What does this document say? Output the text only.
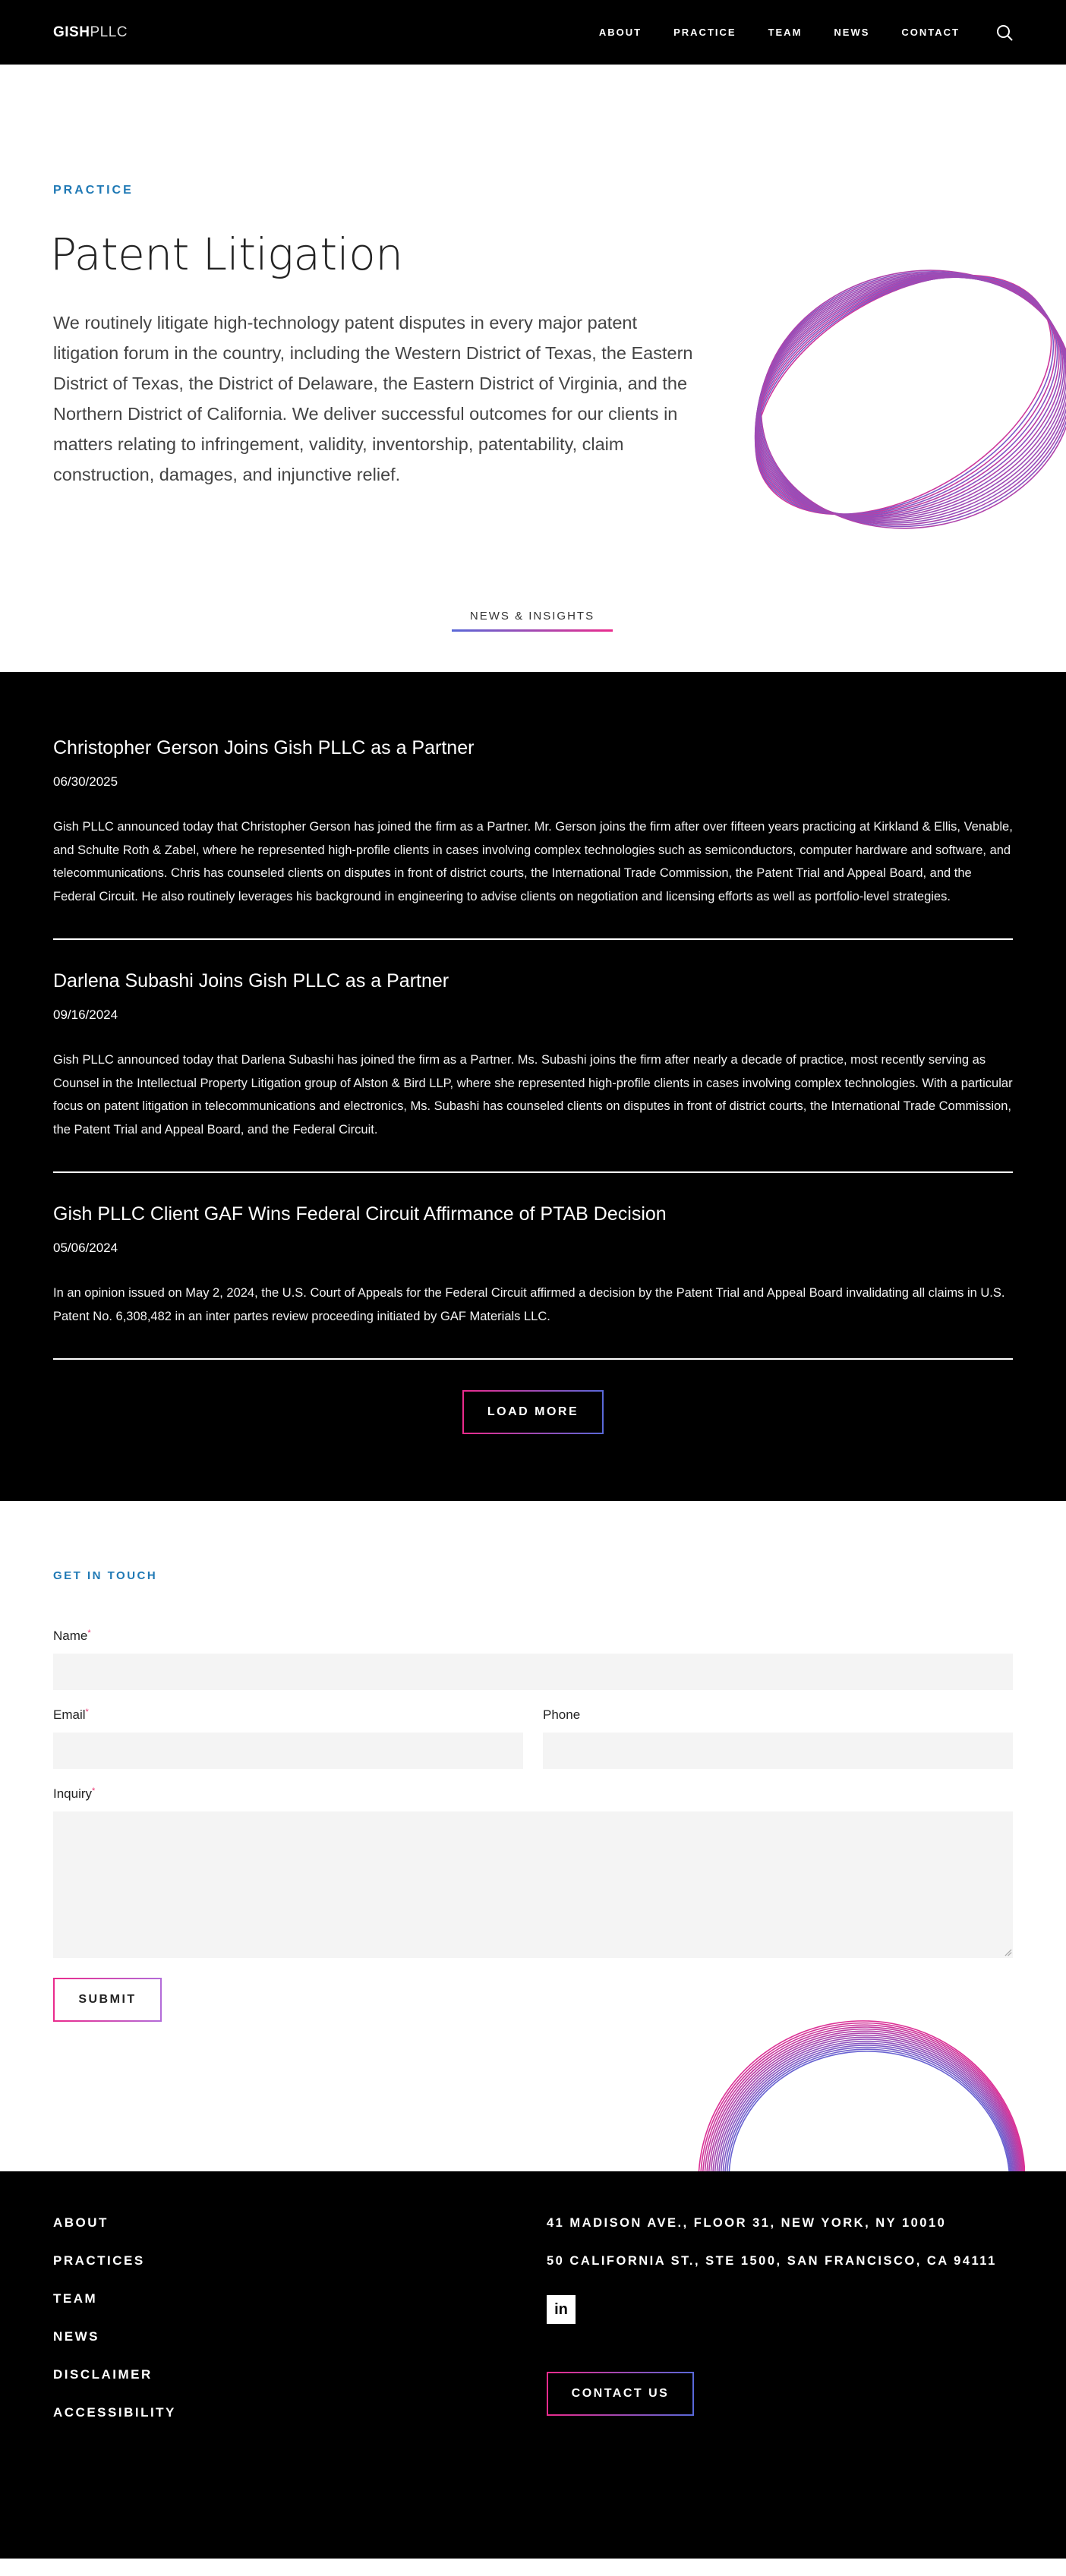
GISHPLLC	ABOUT	PRACTICE	TEAM	NEWS	CONTACT
PRACTICE
Patent Litigation

We routinely litigate high-technology patent disputes in every major patent litigation forum in the country, including the Western District of Texas, the Eastern District of Texas, the District of Delaware, the Eastern District of Virginia, and the Northern District of California. We deliver successful outcomes for our clients in matters relating to infringement, validity, inventorship, patentability, claim construction, damages, and injunctive relief.

NEWS & INSIGHTS
Christopher Gerson Joins Gish PLLC as a Partner
06/30/2025

Gish PLLC announced today that Christopher Gerson has joined the firm as a Partner. Mr. Gerson joins the firm after over fifteen years practicing at Kirkland & Ellis, Venable, and Schulte Roth & Zabel, where he represented high-profile clients in cases involving complex technologies such as semiconductors, computer hardware and software, and telecommunications. Chris has counseled clients on disputes in front of district courts, the International Trade Commission, the Patent Trial and Appeal Board, and the Federal Circuit. He also routinely leverages his background in engineering to advise clients on negotiation and licensing efforts as well as portfolio-level strategies.

Darlena Subashi Joins Gish PLLC as a Partner
09/16/2024

Gish PLLC announced today that Darlena Subashi has joined the firm as a Partner. Ms. Subashi joins the firm after nearly a decade of practice, most recently serving as Counsel in the Intellectual Property Litigation group of Alston & Bird LLP, where she represented high-profile clients in cases involving complex technologies. With a particular focus on patent litigation in telecommunications and electronics, Ms. Subashi has counseled clients on disputes in front of district courts, the International Trade Commission, the Patent Trial and Appeal Board, and the Federal Circuit.

Gish PLLC Client GAF Wins Federal Circuit Affirmance of PTAB Decision
05/06/2024

In an opinion issued on May 2, 2024, the U.S. Court of Appeals for the Federal Circuit affirmed a decision by the Patent Trial and Appeal Board invalidating all claims in U.S. Patent No. 6,308,482 in an inter partes review proceeding initiated by GAF Materials LLC.

LOAD MORE
GET IN TOUCH
Name*
Email*	Phone
Inquiry*
SUBMIT
ABOUT
PRACTICES
TEAM
NEWS
DISCLAIMER
ACCESSIBILITY
41 MADISON AVE., FLOOR 31, NEW YORK, NY 10010
50 CALIFORNIA ST., STE 1500, SAN FRANCISCO, CA 94111
in
CONTACT US
